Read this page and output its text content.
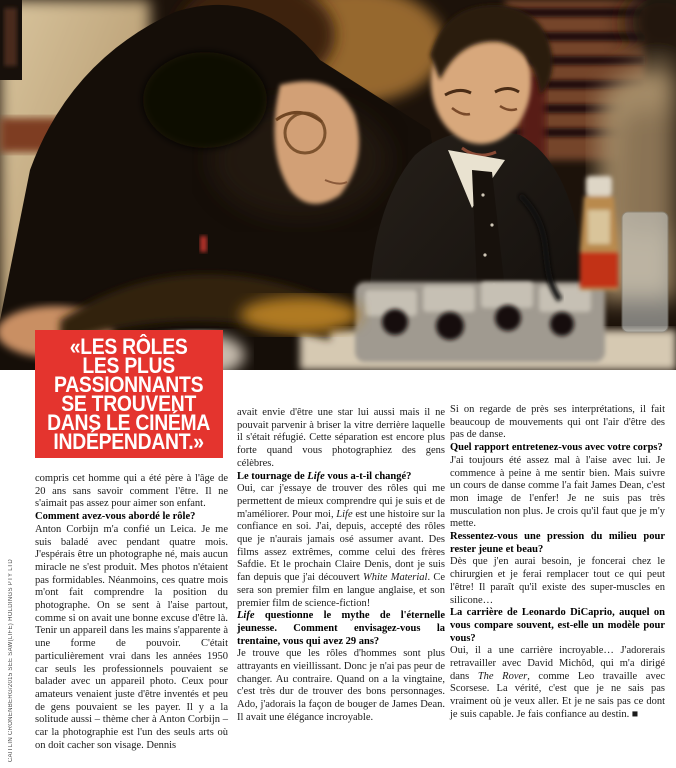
«LES RÔLES
LES PLUS
PASSIONNANTS
SE TROUVENT
DANS LE CINÉMA
INDÉPENDANT.»
CAITLIN CRONENBERG/2015 SEE SAW(LIFE) HOLDINGS PTY LTD

compris cet homme qui a été père à l'âge de 20 ans sans savoir comment l'être. Il ne s'aimait pas assez pour aimer son enfant.

Comment avez-vous abordé le rôle?

Anton Corbijn m'a confié un Leica. Je me suis baladé avec pendant quatre mois. J'espérais être un photographe né, mais aucun miracle ne s'est produit. Mes photos n'étaient pas formidables. Néanmoins, ces quatre mois m'ont fait comprendre la position du photographe. On se sent à l'aise partout, comme si on avait une bonne excuse d'être là. Tenir un appareil dans les mains s'apparente à une forme de pouvoir. C'était particulièrement vrai dans les années 1950 car seuls les professionnels pouvaient se balader avec un appareil photo. Ceux pour amateurs venaient juste d'être inventés et peu de gens pouvaient se les payer. Il y a la solitude aussi – thème cher à Anton Corbijn – car la photographie est l'un des seuls arts où on doit cacher son visage. Dennis

avait envie d'être une star lui aussi mais il ne pouvait parvenir à briser la vitre derrière laquelle il s'était réfugié. Cette séparation est encore plus forte quand vous photographiez des gens célèbres.

Le tournage de Life vous a-t-il changé?

Oui, car j'essaye de trouver des rôles qui me permettent de mieux comprendre qui je suis et de m'améliorer. Pour moi, Life est une histoire sur la confiance en soi. J'ai, depuis, accepté des rôles que je n'aurais jamais osé assumer avant. Des films assez extrêmes, comme celui des frères Safdie. Et le prochain Claire Denis, dont je suis fan depuis que j'ai découvert White Material. Ce sera son premier film en langue anglaise, et son premier film de science-fiction!

Life questionne le mythe de l'éternelle jeunesse. Comment envisagez-vous la trentaine, vous qui avez 29 ans?

Je trouve que les rôles d'hommes sont plus attrayants en vieillissant. Donc je n'ai pas peur de changer. Au contraire. Quand on a la vingtaine, c'est très dur de trouver des bons personnages. Ado, j'adorais la façon de bouger de James Dean. Il avait une élégance incroyable.

Si on regarde de près ses interprétations, il fait beaucoup de mouvements qui ont l'air d'être des pas de danse.

Quel rapport entretenez-vous avec votre corps?

J'ai toujours été assez mal à l'aise avec lui. Je commence à peine à me sentir bien. Mais suivre un cours de danse comme l'a fait James Dean, c'est mon image de l'enfer! Je ne suis pas très musculation non plus. Je crois qu'il faut que je m'y mette.

Ressentez-vous une pression du milieu pour rester jeune et beau?

Dès que j'en aurai besoin, je foncerai chez le chirurgien et je ferai remplacer tout ce qui peut l'être! Il paraît qu'il existe des super-muscles en silicone…

La carrière de Leonardo DiCaprio, auquel on vous compare souvent, est-elle un modèle pour vous?

Oui, il a une carrière incroyable… J'adorerais retravailler avec David Michôd, qui m'a dirigé dans The Rover, comme Leo travaille avec Scorsese. La vérité, c'est que je ne sais pas vraiment où je veux aller. Et je ne sais pas ce dont je suis capable. Je fais confiance au destin. ■
